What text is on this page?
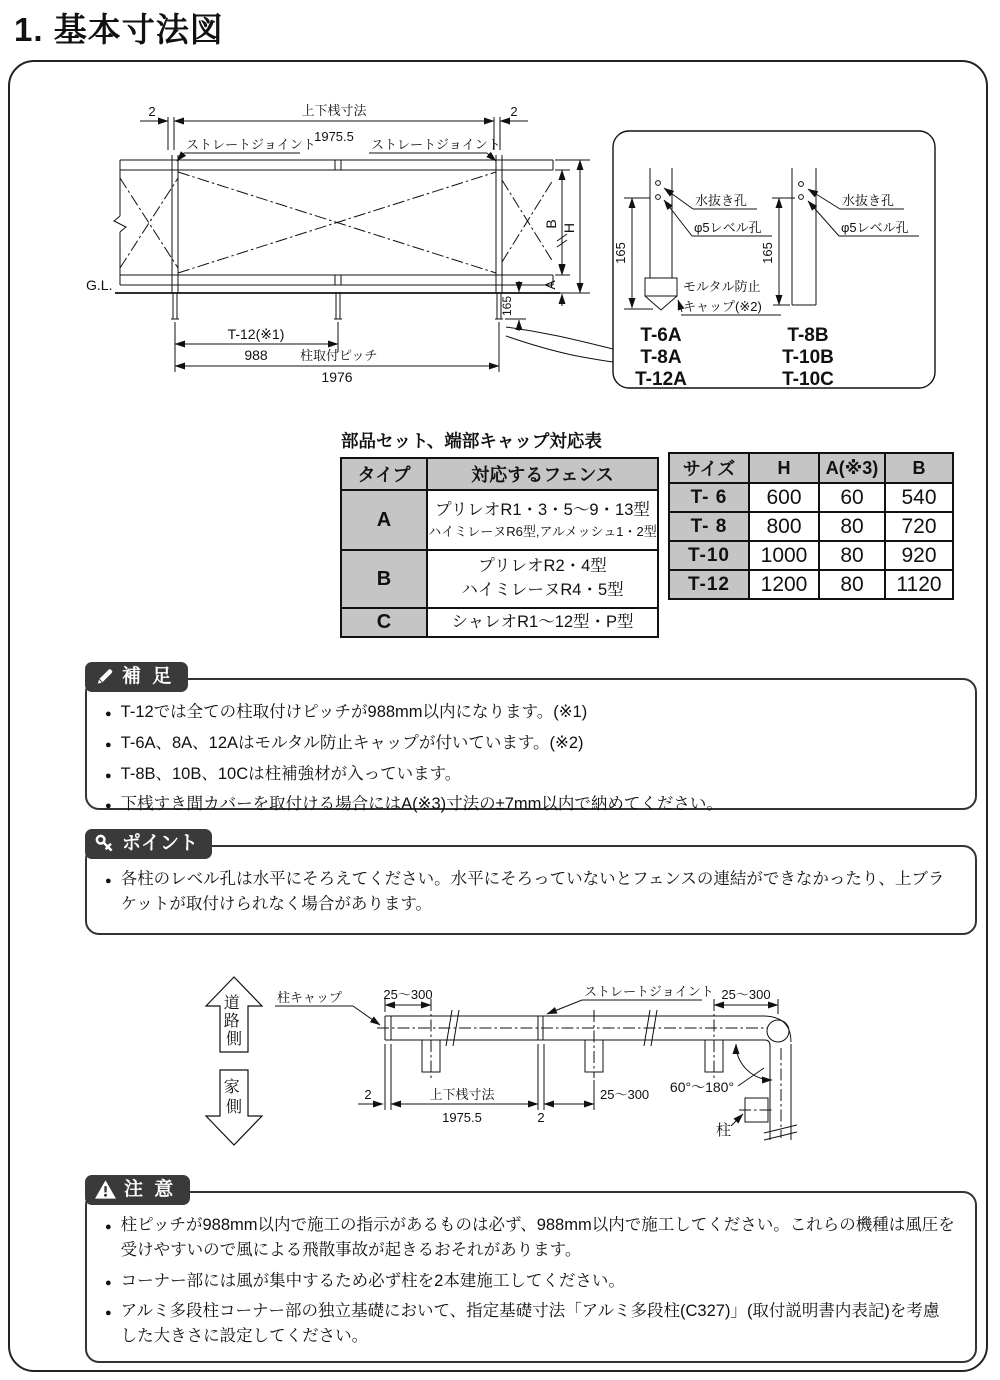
1. 基本寸法図
G.L.
2	上下桟寸法
1975.5
2
ストレートジョイント	ストレートジョイント
B H
A
165
T-12(※1)
988 柱取付ピッチ
1976
165
水抜き孔
φ5レベル孔
モルタル防止
キャップ(※2)
T-6A
T-8A
T-12A
165
水抜き孔
φ5レベル孔
T-8B
T-10B
T-10C
部品セット、端部キャップ対応表
タイプ	対応するフェンス
A	プリレオR1・3・5〜9・13型
ハイミレーヌR6型,アルメッシュ1・2型

B	プリレオR2・4型
ハイミレーヌR4・5型

C	シャレオR1〜12型・P型
サイズ	H	A(※3)	B
T- 6	600	60	540
T- 8	800	80	720
T-10	1000	80	920
T-12	1200	80	1120
補 足
● T-12では全ての柱取付けピッチが988mm以内になります。(※1)
● T-6A、8A、12Aはモルタル防止キャップが付いています。(※2)
● T-8B、10B、10Cは柱補強材が入っています。
● 下桟すき間カバーを取付ける場合にはA(※3)寸法の±7mm以内で納めてください。
ポイント
● 各柱のレベル孔は水平にそろえてください。水平にそろっていないとフェンスの連結ができなかったり、上ブラケットが取付けられなく場合があります。
道 路 側
家 側
柱キャップ	25〜300	ストレートジョイント 25〜300
2	上下桟寸法
1975.5	2
25〜300 60°〜180°
柱
注 意
● 柱ピッチが988mm以内で施工の指示があるものは必ず、988mm以内で施工してください。これらの機種は風圧を受けやすいので風による飛散事故が起きるおそれがあります。
● コーナー部には風が集中するため必ず柱を2本建施工してください。
● アルミ多段柱コーナー部の独立基礎において、指定基礎寸法「アルミ多段柱(C327)」(取付説明書内表記)を考慮した大きさに設定してください。
